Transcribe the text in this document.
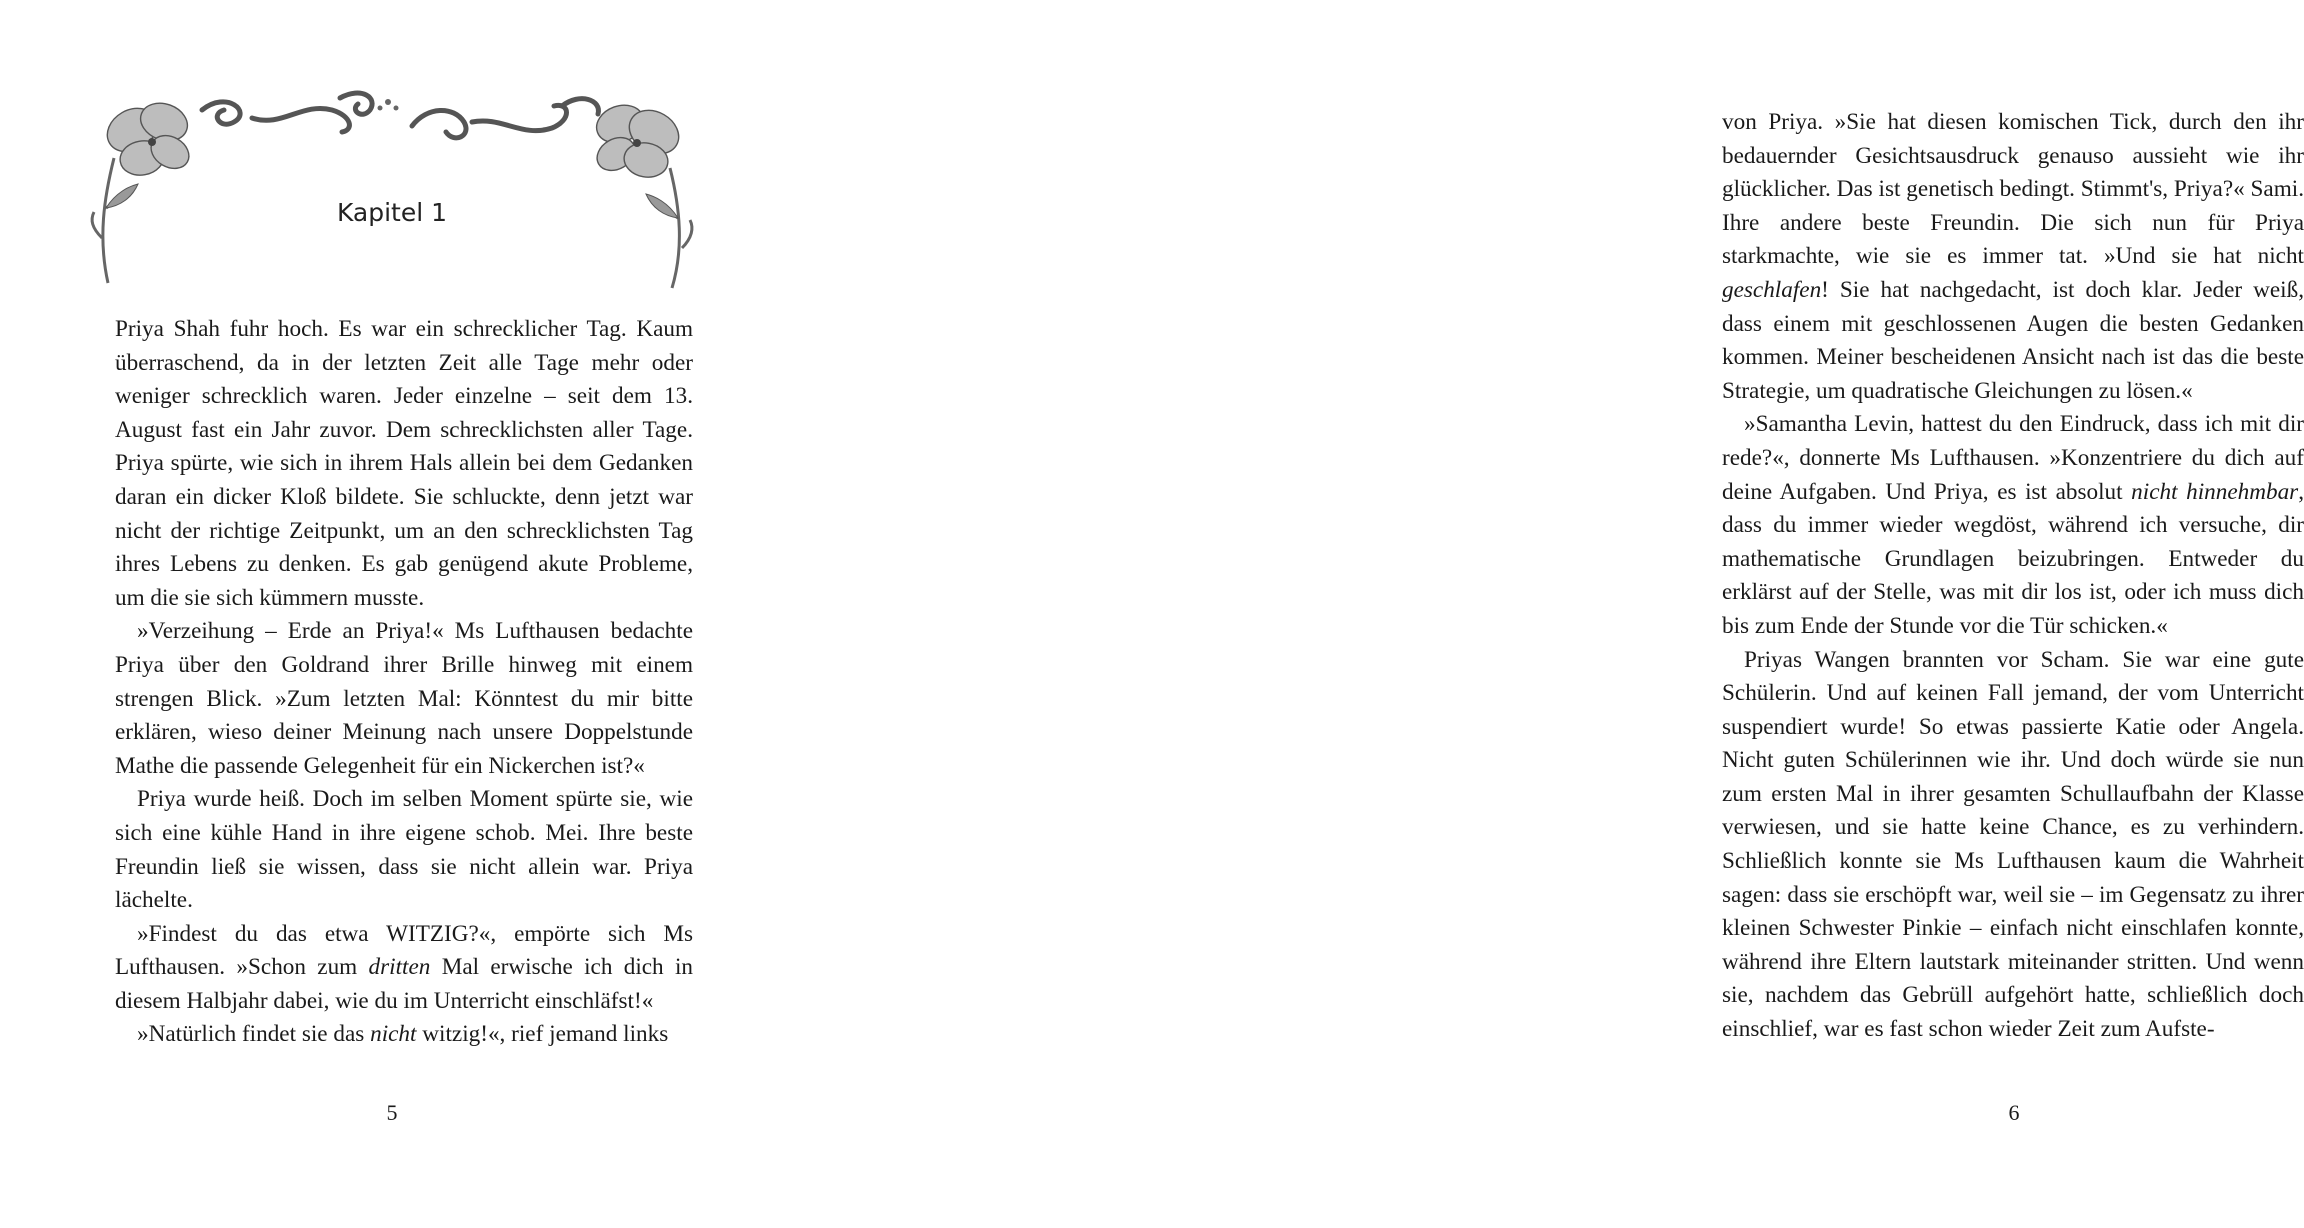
Kapitel 1

Priya Shah fuhr hoch. Es war ein schrecklicher Tag. Kaum überraschend, da in der letzten Zeit alle Tage mehr oder weniger schrecklich waren. Jeder einzelne – seit dem 13. August fast ein Jahr zuvor. Dem schrecklichsten aller Tage. Priya spürte, wie sich in ihrem Hals allein bei dem Gedanken daran ein dicker Kloß bildete. Sie schluckte, denn jetzt war nicht der richtige Zeitpunkt, um an den schrecklichsten Tag ihres Lebens zu denken. Es gab genügend akute Probleme, um die sie sich kümmern musste.

»Verzeihung – Erde an Priya!« Ms Lufthausen bedachte Priya über den Goldrand ihrer Brille hinweg mit einem strengen Blick. »Zum letzten Mal: Könntest du mir bitte erklären, wieso deiner Meinung nach unsere Doppelstunde Mathe die passende Gelegenheit für ein Nickerchen ist?«

Priya wurde heiß. Doch im selben Moment spürte sie, wie sich eine kühle Hand in ihre eigene schob. Mei. Ihre beste Freundin ließ sie wissen, dass sie nicht allein war. Priya lächelte.

»Findest du das etwa WITZIG?«, empörte sich Ms Lufthausen. »Schon zum dritten Mal erwische ich dich in diesem Halbjahr dabei, wie du im Unterricht einschläfst!«

»Natürlich findet sie das nicht witzig!«, rief jemand links

5

von Priya. »Sie hat diesen komischen Tick, durch den ihr bedauernder Gesichtsausdruck genauso aussieht wie ihr glücklicher. Das ist genetisch bedingt. Stimmt's, Priya?« Sami. Ihre andere beste Freundin. Die sich nun für Priya starkmachte, wie sie es immer tat. »Und sie hat nicht geschlafen! Sie hat nachgedacht, ist doch klar. Jeder weiß, dass einem mit geschlossenen Augen die besten Gedanken kommen. Meiner bescheidenen Ansicht nach ist das die beste Strategie, um quadratische Gleichungen zu lösen.«

»Samantha Levin, hattest du den Eindruck, dass ich mit dir rede?«, donnerte Ms Lufthausen. »Konzentriere du dich auf deine Aufgaben. Und Priya, es ist absolut nicht hinnehmbar, dass du immer wieder wegdöst, während ich versuche, dir mathematische Grundlagen beizubringen. Entweder du erklärst auf der Stelle, was mit dir los ist, oder ich muss dich bis zum Ende der Stunde vor die Tür schicken.«

Priyas Wangen brannten vor Scham. Sie war eine gute Schülerin. Und auf keinen Fall jemand, der vom Unterricht suspendiert wurde! So etwas passierte Katie oder Angela. Nicht guten Schülerinnen wie ihr. Und doch würde sie nun zum ersten Mal in ihrer gesamten Schullaufbahn der Klasse verwiesen, und sie hatte keine Chance, es zu verhindern. Schließlich konnte sie Ms Lufthausen kaum die Wahrheit sagen: dass sie erschöpft war, weil sie – im Gegensatz zu ihrer kleinen Schwester Pinkie – einfach nicht einschlafen konnte, während ihre Eltern lautstark miteinander stritten. Und wenn sie, nachdem das Gebrüll aufgehört hatte, schließlich doch einschlief, war es fast schon wieder Zeit zum Aufste-

6
